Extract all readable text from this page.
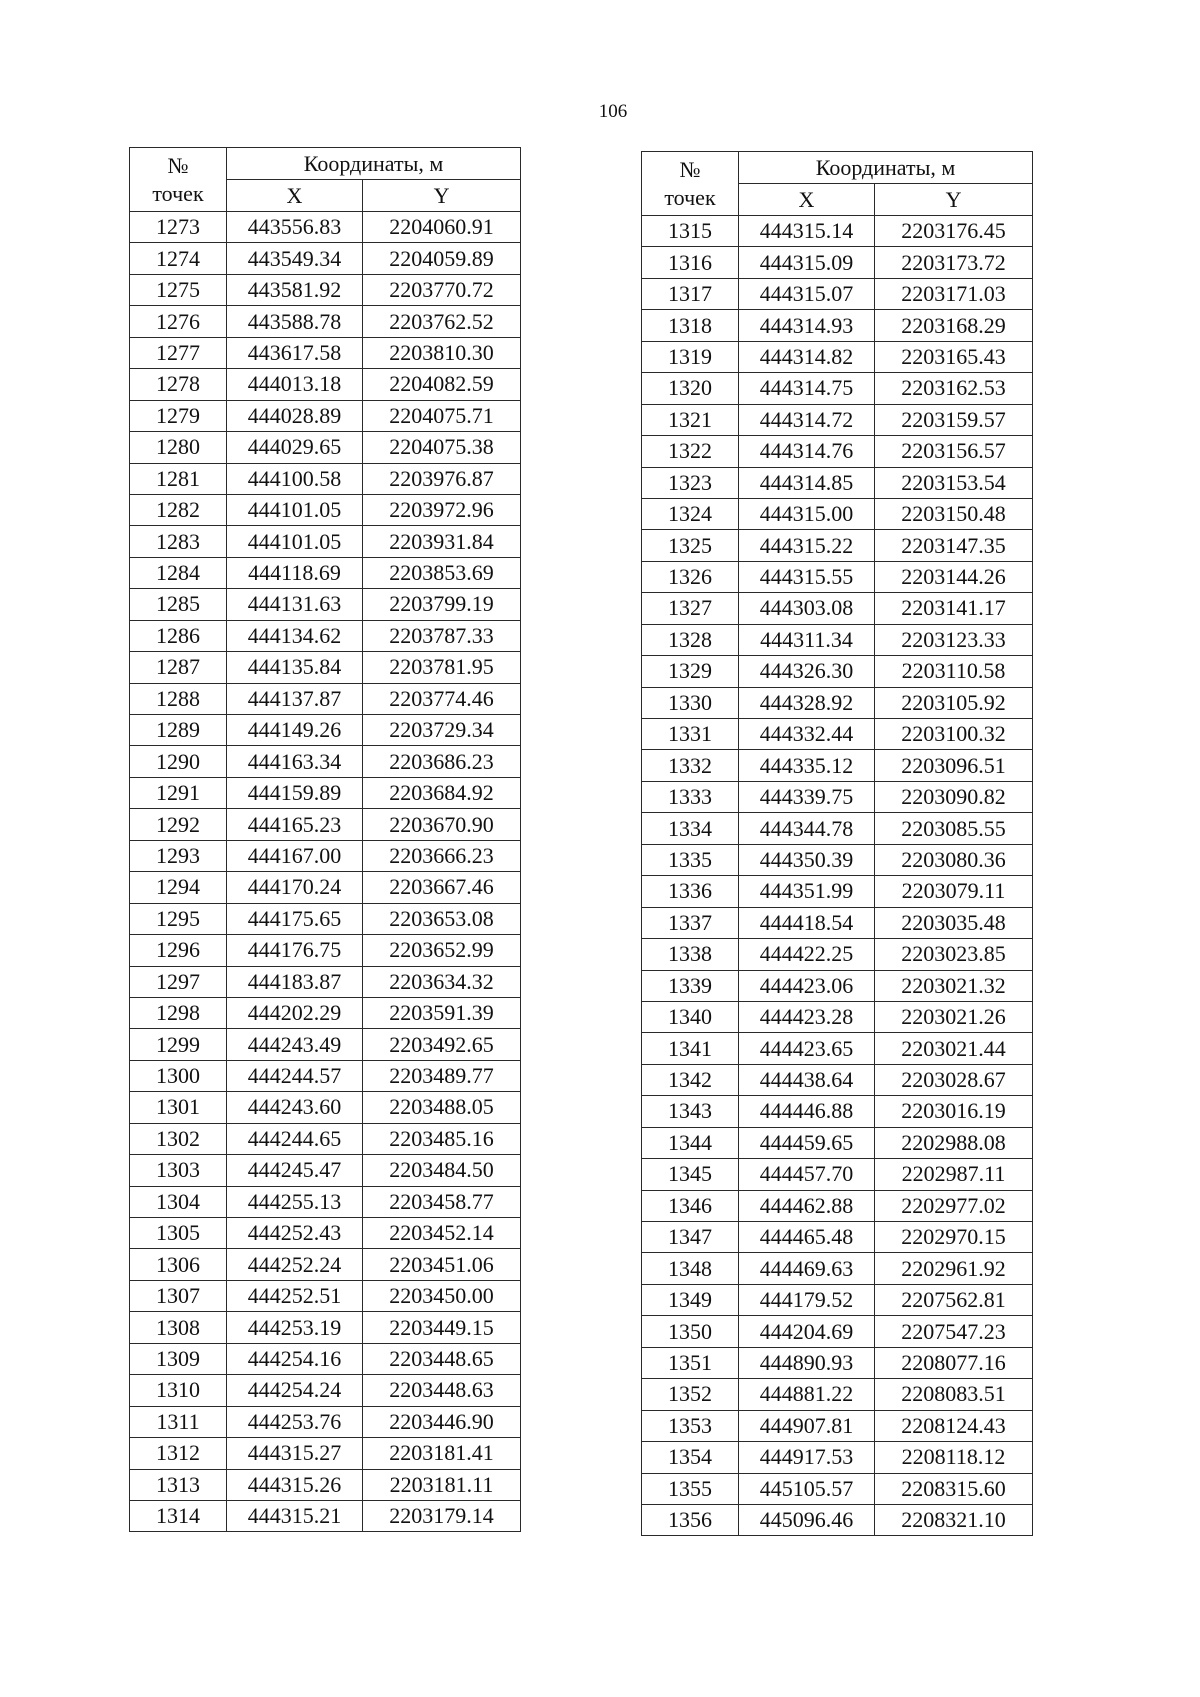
106
№
точек	Координаты, м	
	X	Y
1273	443556.83	2204060.91
1274	443549.34	2204059.89
1275	443581.92	2203770.72
1276	443588.78	2203762.52
1277	443617.58	2203810.30
1278	444013.18	2204082.59
1279	444028.89	2204075.71
1280	444029.65	2204075.38
1281	444100.58	2203976.87
1282	444101.05	2203972.96
1283	444101.05	2203931.84
1284	444118.69	2203853.69
1285	444131.63	2203799.19
1286	444134.62	2203787.33
1287	444135.84	2203781.95
1288	444137.87	2203774.46
1289	444149.26	2203729.34
1290	444163.34	2203686.23
1291	444159.89	2203684.92
1292	444165.23	2203670.90
1293	444167.00	2203666.23
1294	444170.24	2203667.46
1295	444175.65	2203653.08
1296	444176.75	2203652.99
1297	444183.87	2203634.32
1298	444202.29	2203591.39
1299	444243.49	2203492.65
1300	444244.57	2203489.77
1301	444243.60	2203488.05
1302	444244.65	2203485.16
1303	444245.47	2203484.50
1304	444255.13	2203458.77
1305	444252.43	2203452.14
1306	444252.24	2203451.06
1307	444252.51	2203450.00
1308	444253.19	2203449.15
1309	444254.16	2203448.65
1310	444254.24	2203448.63
1311	444253.76	2203446.90
1312	444315.27	2203181.41
1313	444315.26	2203181.11
1314	444315.21	2203179.14
№
точек	Координаты, м	
	X	Y
1315	444315.14	2203176.45
1316	444315.09	2203173.72
1317	444315.07	2203171.03
1318	444314.93	2203168.29
1319	444314.82	2203165.43
1320	444314.75	2203162.53
1321	444314.72	2203159.57
1322	444314.76	2203156.57
1323	444314.85	2203153.54
1324	444315.00	2203150.48
1325	444315.22	2203147.35
1326	444315.55	2203144.26
1327	444303.08	2203141.17
1328	444311.34	2203123.33
1329	444326.30	2203110.58
1330	444328.92	2203105.92
1331	444332.44	2203100.32
1332	444335.12	2203096.51
1333	444339.75	2203090.82
1334	444344.78	2203085.55
1335	444350.39	2203080.36
1336	444351.99	2203079.11
1337	444418.54	2203035.48
1338	444422.25	2203023.85
1339	444423.06	2203021.32
1340	444423.28	2203021.26
1341	444423.65	2203021.44
1342	444438.64	2203028.67
1343	444446.88	2203016.19
1344	444459.65	2202988.08
1345	444457.70	2202987.11
1346	444462.88	2202977.02
1347	444465.48	2202970.15
1348	444469.63	2202961.92
1349	444179.52	2207562.81
1350	444204.69	2207547.23
1351	444890.93	2208077.16
1352	444881.22	2208083.51
1353	444907.81	2208124.43
1354	444917.53	2208118.12
1355	445105.57	2208315.60
1356	445096.46	2208321.10
